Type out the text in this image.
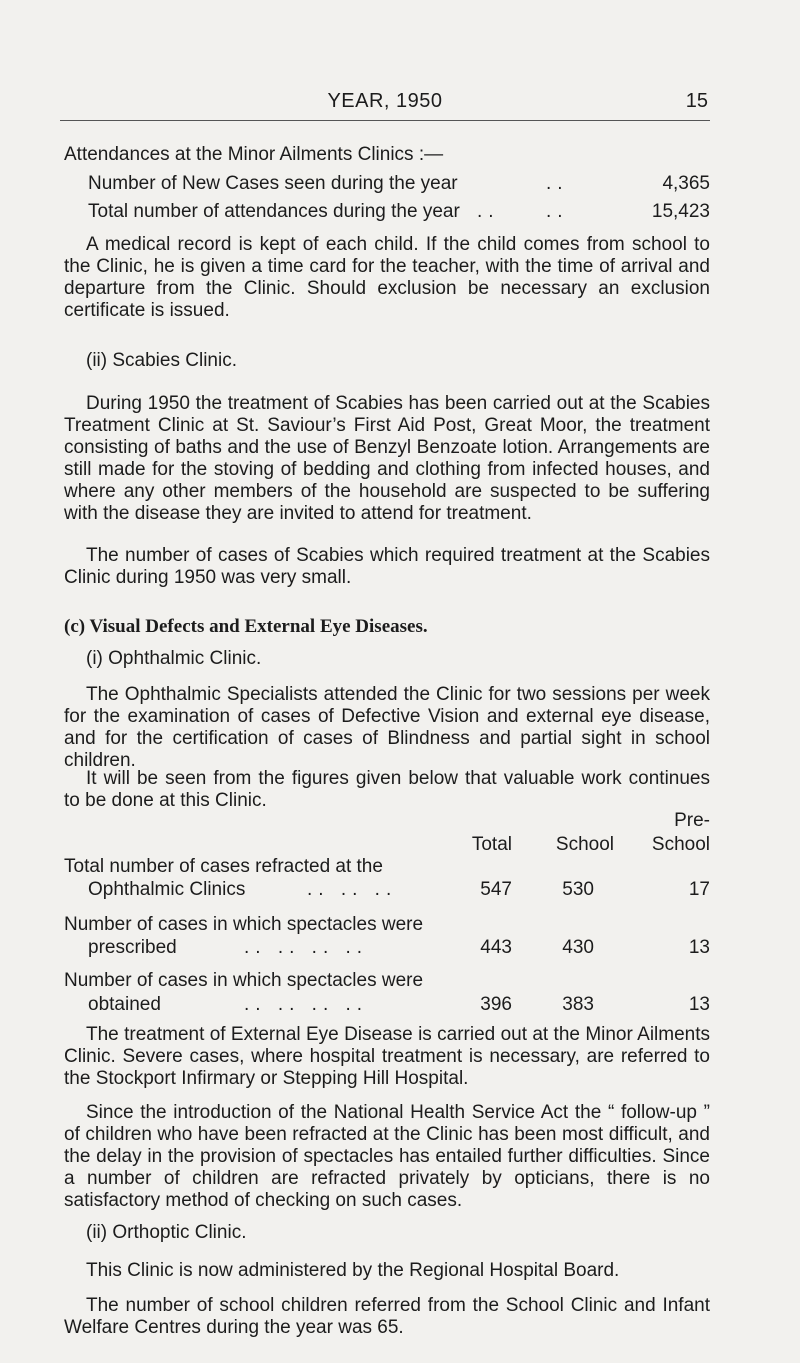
YEAR, 1950	15
Attendances at the Minor Ailments Clinics :—
Number of New Cases seen during the year	..	4,365
Total number of attendances during the year .. ..	15,423
A medical record is kept of each child. If the child comes from school to the Clinic, he is given a time card for the teacher, with the time of arrival and departure from the Clinic. Should exclusion be necessary an exclusion certificate is issued.
(ii) Scabies Clinic.
During 1950 the treatment of Scabies has been carried out at the Scabies Treatment Clinic at St. Saviour’s First Aid Post, Great Moor, the treatment consisting of baths and the use of Benzyl Benzoate lotion. Arrangements are still made for the stoving of bedding and clothing from infected houses, and where any other members of the household are suspected to be suffering with the disease they are invited to attend for treatment.
The number of cases of Scabies which required treatment at the Scabies Clinic during 1950 was very small.
(c) Visual Defects and External Eye Diseases.
(i) Ophthalmic Clinic.
The Ophthalmic Specialists attended the Clinic for two sessions per week for the examination of cases of Defective Vision and external eye disease, and for the certification of cases of Blindness and partial sight in school children.
It will be seen from the figures given below that valuable work continues to be done at this Clinic.
Pre-
Total	School	School
Total number of cases refracted at the
Ophthalmic Clinics	.. .. ..	547	530	17
Number of cases in which spectacles were
prescribed	.. .. .. ..	443	430	13
Number of cases in which spectacles were
obtained	.. .. .. ..	396	383	13
The treatment of External Eye Disease is carried out at the Minor Ailments Clinic. Severe cases, where hospital treatment is necessary, are referred to the Stockport Infirmary or Stepping Hill Hospital.
Since the introduction of the National Health Service Act the “ follow-up ” of children who have been refracted at the Clinic has been most difficult, and the delay in the provision of spectacles has entailed further difficulties. Since a number of children are refracted privately by opticians, there is no satisfactory method of checking on such cases.
(ii) Orthoptic Clinic.
This Clinic is now administered by the Regional Hospital Board.
The number of school children referred from the School Clinic and Infant Welfare Centres during the year was 65.
